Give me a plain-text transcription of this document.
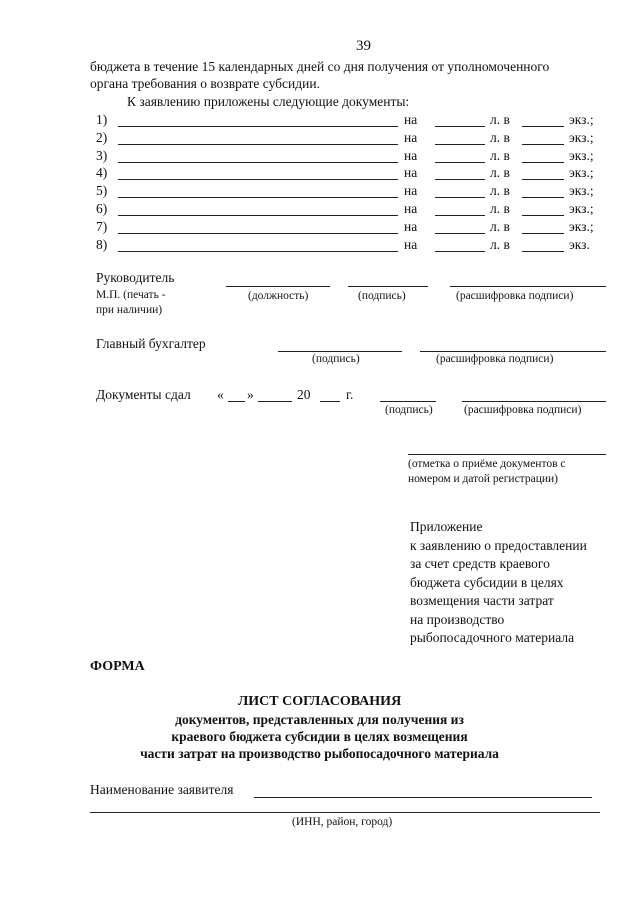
39
бюджета в течение 15 календарных дней со дня получения от уполномоченного
органа требования о возврате субсидии.
К заявлению приложены следующие документы:
1)	на	л. в	экз.;
2)	на	л. в	экз.;
3)	на	л. в	экз.;
4)	на	л. в	экз.;
5)	на	л. в	экз.;
6)	на	л. в	экз.;
7)	на	л. в	экз.;
8)	на	л. в	экз.
Руководитель
М.П. (печать -
при наличии)
(должность)	(подпись)	(расшифровка подписи)
Главный бухгалтер
(подпись)	(расшифровка подписи)
Документы сдал « »	20	г.
(подпись)	(расшифровка подписи)
(отметка о приёме документов с
номером и датой регистрации)
Приложение
к заявлению о предоставлении
за счет средств краевого
бюджета субсидии в целях
возмещения части затрат
на производство
рыбопосадочного материала
ФОРМА
ЛИСТ СОГЛАСОВАНИЯ
документов, представленных для получения из
краевого бюджета субсидии в целях возмещения
части затрат на производство рыбопосадочного материала
Наименование заявителя
(ИНН, район, город)
